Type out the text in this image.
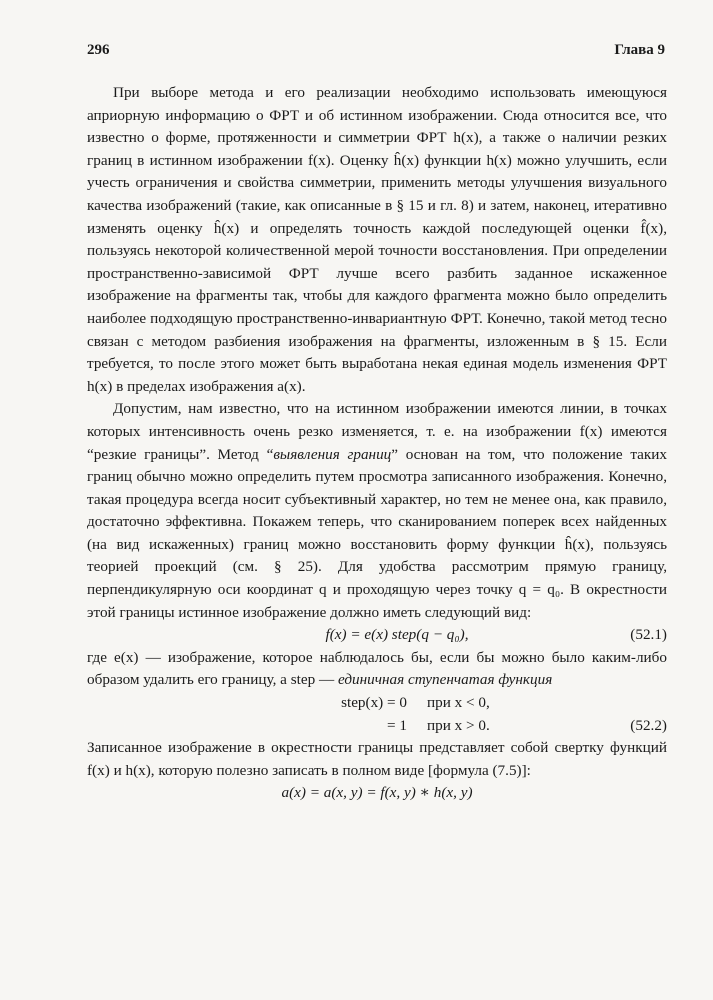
296	Глава 9

При выборе метода и его реализации необходимо использовать имеющуюся априорную информацию о ФРТ и об истинном изображении. Сюда относится все, что известно о форме, протяженности и симметрии ФРТ h(x), а также о наличии резких границ в истинном изображении f(x). Оценку ĥ(x) функции h(x) можно улучшить, если учесть ограничения и свойства симметрии, применить методы улучшения визуального качества изображений (такие, как описанные в § 15 и гл. 8) и затем, наконец, итеративно изменять оценку ĥ(x) и определять точность каждой последующей оценки f̂(x), пользуясь некоторой количественной мерой точности восстановления. При определении пространственно-зависимой ФРТ лучше всего разбить заданное искаженное изображение на фрагменты так, чтобы для каждого фрагмента можно было определить наиболее подходящую пространственно-инвариантную ФРТ. Конечно, такой метод тесно связан с методом разбиения изображения на фрагменты, изложенным в § 15. Если требуется, то после этого может быть выработана некая единая модель изменения ФРТ h(x) в пределах изображения a(x).

Допустим, нам известно, что на истинном изображении имеются линии, в точках которых интенсивность очень резко изменяется, т. е. на изображении f(x) имеются “резкие границы”. Метод “выявления границ” основан на том, что положение таких границ обычно можно определить путем просмотра записанного изображения. Конечно, такая процедура всегда носит субъективный характер, но тем не менее она, как правило, достаточно эффективна. Покажем теперь, что сканированием поперек всех найденных (на вид искаженных) границ можно восстановить форму функции ĥ(x), пользуясь теорией проекций (см. § 25). Для удобства рассмотрим прямую границу, перпендикулярную оси координат q и проходящую через точку q = q₀. В окрестности этой границы истинное изображение должно иметь следующий вид:

f(x) = e(x) step(q − q₀),	(52.1)

где e(x) — изображение, которое наблюдалось бы, если бы можно было каким-либо образом удалить его границу, а step — единичная ступенчатая функция

step(x) = 0 при x < 0,
= 1 при x > 0.	(52.2)

Записанное изображение в окрестности границы представляет собой свертку функций f(x) и h(x), которую полезно записать в полном виде [формула (7.5)]:

a(x) = a(x, y) = f(x, y) ∗ h(x, y)
